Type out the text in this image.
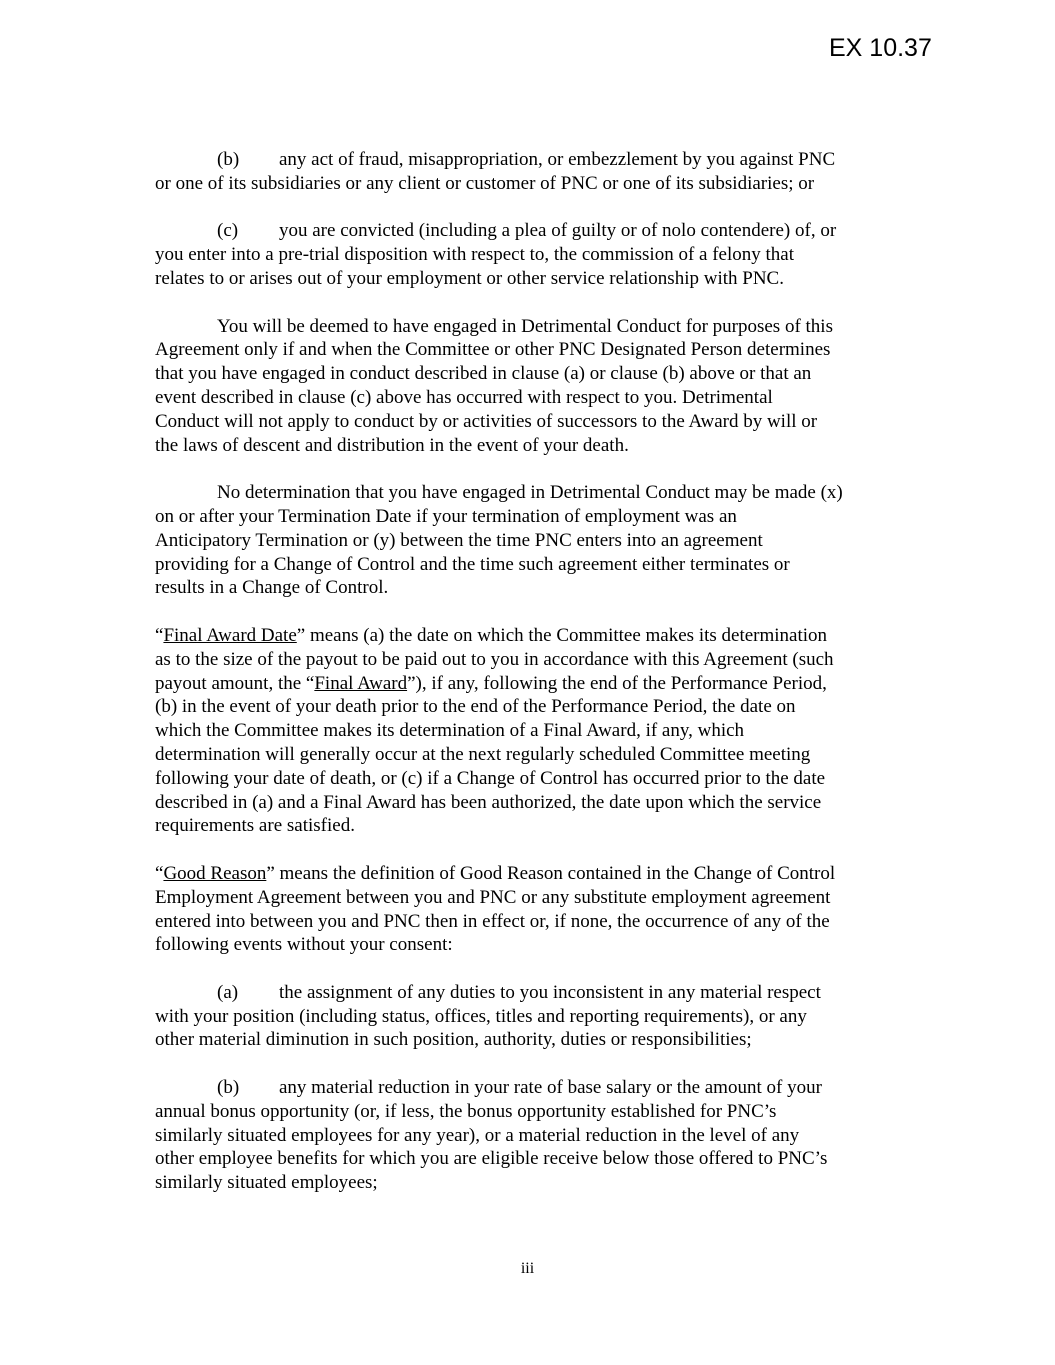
EX 10.37
(b) any act of fraud, misappropriation, or embezzlement by you against PNC
or one of its subsidiaries or any client or customer of PNC or one of its subsidiaries; or
(c) you are convicted (including a plea of guilty or of nolo contendere) of, or
you enter into a pre-trial disposition with respect to, the commission of a felony that
relates to or arises out of your employment or other service relationship with PNC.
You will be deemed to have engaged in Detrimental Conduct for purposes of this
Agreement only if and when the Committee or other PNC Designated Person determines
that you have engaged in conduct described in clause (a) or clause (b) above or that an
event described in clause (c) above has occurred with respect to you. Detrimental
Conduct will not apply to conduct by or activities of successors to the Award by will or
the laws of descent and distribution in the event of your death.
No determination that you have engaged in Detrimental Conduct may be made (x)
on or after your Termination Date if your termination of employment was an
Anticipatory Termination or (y) between the time PNC enters into an agreement
providing for a Change of Control and the time such agreement either terminates or
results in a Change of Control.
“Final Award Date” means (a) the date on which the Committee makes its determination
as to the size of the payout to be paid out to you in accordance with this Agreement (such
payout amount, the “Final Award”), if any, following the end of the Performance Period,
(b) in the event of your death prior to the end of the Performance Period, the date on
which the Committee makes its determination of a Final Award, if any, which
determination will generally occur at the next regularly scheduled Committee meeting
following your date of death, or (c) if a Change of Control has occurred prior to the date
described in (a) and a Final Award has been authorized, the date upon which the service
requirements are satisfied.
“Good Reason” means the definition of Good Reason contained in the Change of Control
Employment Agreement between you and PNC or any substitute employment agreement
entered into between you and PNC then in effect or, if none, the occurrence of any of the
following events without your consent:
(a) the assignment of any duties to you inconsistent in any material respect
with your position (including status, offices, titles and reporting requirements), or any
other material diminution in such position, authority, duties or responsibilities;
(b) any material reduction in your rate of base salary or the amount of your
annual bonus opportunity (or, if less, the bonus opportunity established for PNC’s
similarly situated employees for any year), or a material reduction in the level of any
other employee benefits for which you are eligible receive below those offered to PNC’s
similarly situated employees;
iii
